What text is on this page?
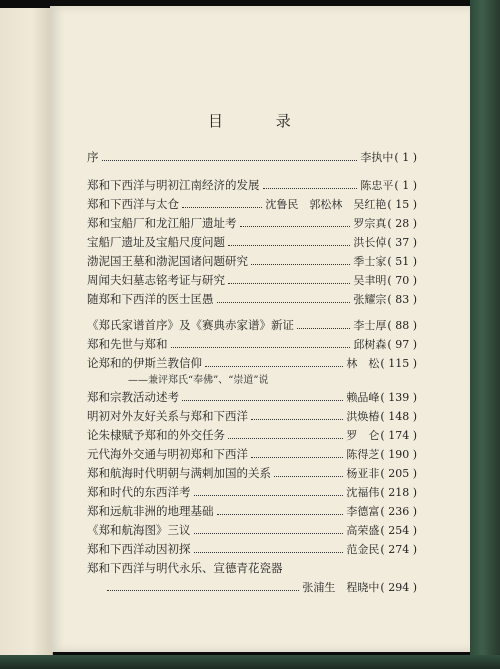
目 录
序	李执中 ( 1 )
郑和下西洋与明初江南经济的发展	陈忠平 ( 1 )
郑和下西洋与太仓	沈鲁民　郭松林　吴红艳 ( 15 )
郑和宝船厂和龙江船厂遗址考	罗宗真 ( 28 )
宝船厂遗址及宝船尺度问题	洪长倬 ( 37 )
渤泥国王墓和渤泥国诸问题研究	季士家 ( 51 )
周闻夫妇墓志铭考证与研究	吴聿明 ( 70 )
随郑和下西洋的医士匡愚	张耀宗 ( 83 )
《郑氏家谱首序》及《赛典赤家谱》新证	李士厚 ( 88 )
郑和先世与郑和	邱树森 ( 97 )
论郑和的伊斯兰教信仰	林　松 ( 115 )
——兼评郑氏“奉佛”、“崇道”说
郑和宗教活动述考	赖品峰 ( 139 )
明初对外友好关系与郑和下西洋	洪焕椿 ( 148 )
论朱棣赋予郑和的外交任务	罗　仑 ( 174 )
元代海外交通与明初郑和下西洋	陈得芝 ( 190 )
郑和航海时代明朝与满剌加国的关系	杨亚非 ( 205 )
郑和时代的东西洋考	沈福伟 ( 218 )
郑和远航非洲的地理基础	李德富 ( 236 )
《郑和航海图》三议	高荣盛 ( 254 )
郑和下西洋动因初探	范金民 ( 274 )
郑和下西洋与明代永乐、宣德青花瓷器
张浦生　程晓中 ( 294 )
